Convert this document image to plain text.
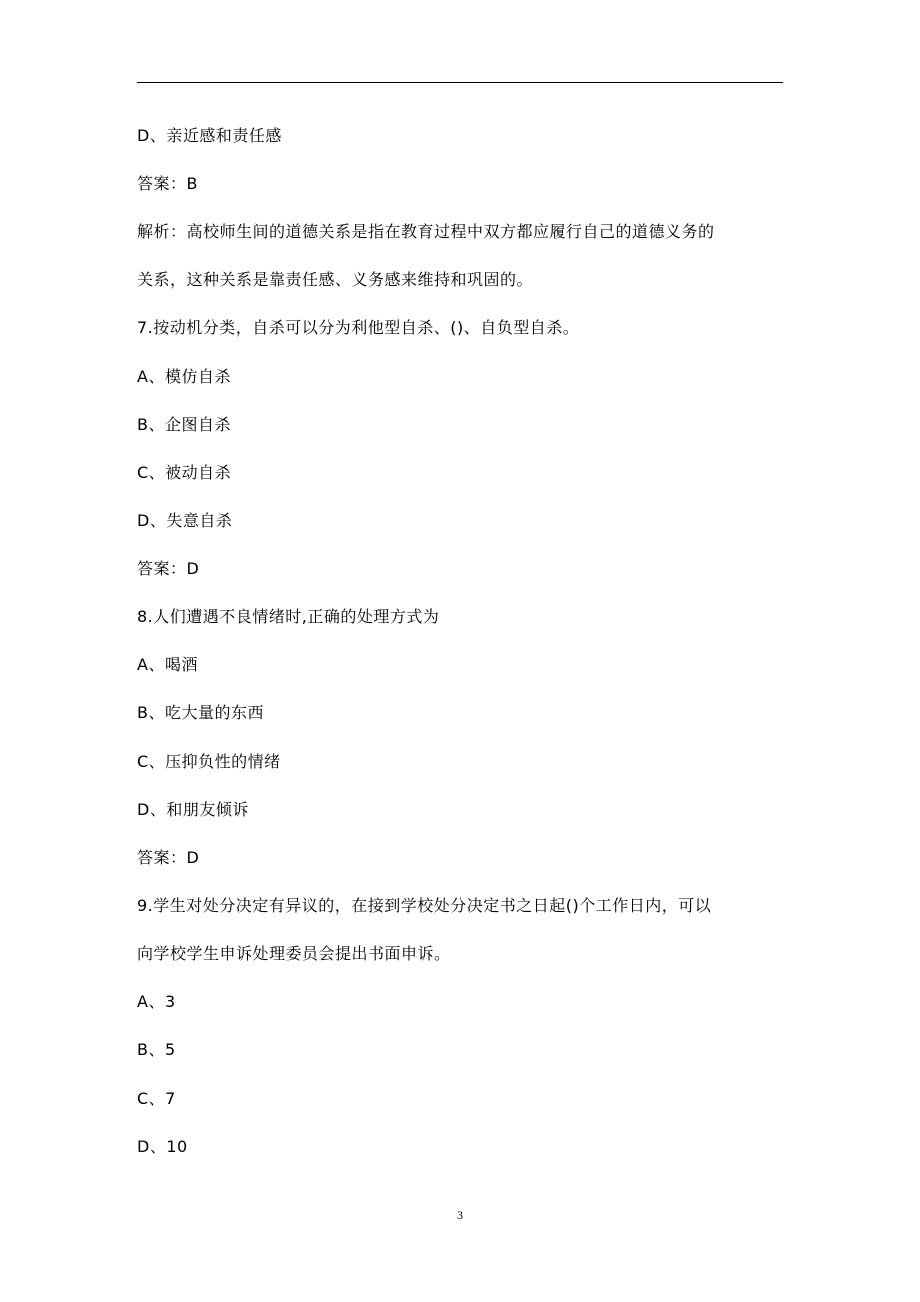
D、亲近感和责任感
答案：B
解析：高校师生间的道德关系是指在教育过程中双方都应履行自己的道德义务的
关系，这种关系是靠责任感、义务感来维持和巩固的。
7.按动机分类，自杀可以分为利他型自杀、()、自负型自杀。
A、模仿自杀
B、企图自杀
C、被动自杀
D、失意自杀
答案：D
8.人们遭遇不良情绪时,正确的处理方式为
A、喝酒
B、吃大量的东西
C、压抑负性的情绪
D、和朋友倾诉
答案：D
9.学生对处分决定有异议的，在接到学校处分决定书之日起()个工作日内，可以
向学校学生申诉处理委员会提出书面申诉。
A、3
B、5
C、7
D、10
3
